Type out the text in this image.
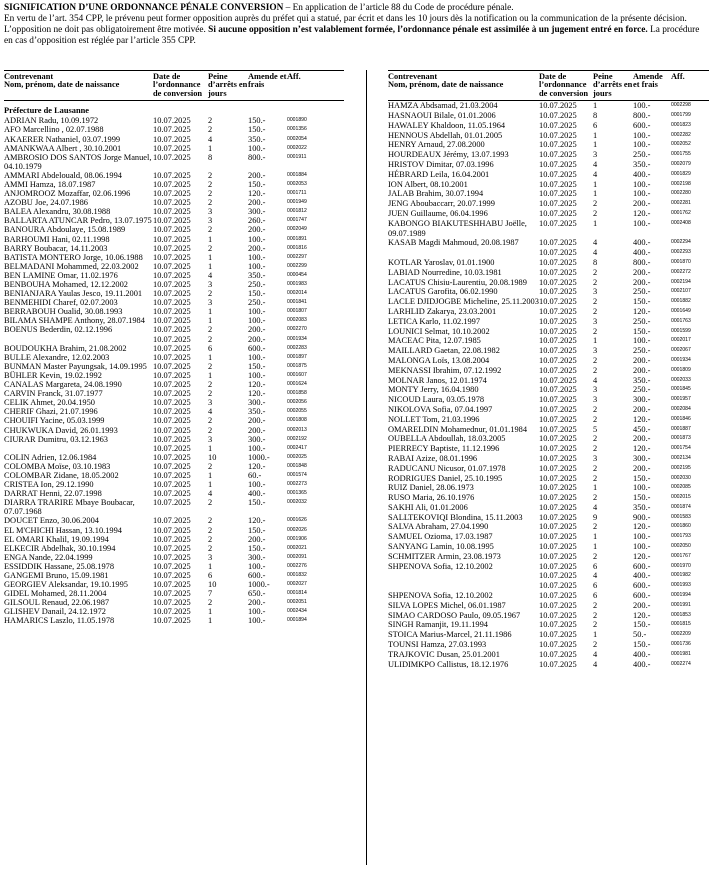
SIGNIFICATION D’UNE ORDONNANCE PÉNALE CONVERSION – En application de l’article 88 du Code de procédure pénale.
En vertu de l’art. 354 CPP, le prévenu peut former opposition auprès du préfet qui a statué, par écrit et dans les 10 jours dès la notification ou la communication de la présente décision. L’opposition ne doit pas obligatoirement être motivée. Si aucune opposition n’est valablement formée, l’ordonnance pénale est assimilée à un jugement entré en force. La procédure en cas d’opposition est réglée par l’article 355 CPP.
Contrevenant
Nom, prénom, date de naissance	Date de l’ordonnance de conversion	Peine d’arrêts en jours	Amende et frais	Aff.
Préfecture de Lausanne				
ADRIAN Radu, 10.09.1972	10.07.2025	2	150.-	0001890
AFO Marcellino , 02.07.1988	10.07.2025	2	150.-	0001356
AKAERER Nathaniel, 03.07.1999	10.07.2025	4	350.-	0002054
AMANKWAA Albert , 30.10.2001	10.07.2025	1	100.-	0002022
AMBROSIO DOS SANTOS Jorge Manuel, 04.10.1979	10.07.2025	8	800.-	0001911
AMMARI Abdelouald, 08.06.1994	10.07.2025	2	200.-	0001884
AMMI Hamza, 18.07.1987	10.07.2025	2	150.-	0002053
ANJOMROOZ Mozaffar, 02.06.1996	10.07.2025	2	120.-	0001711
AZOBU Joe, 24.07.1986	10.07.2025	2	200.-	0001949
BALEA Alexandru, 30.08.1988	10.07.2025	3	300.-	0001812
BALLARTA ATUNCAR Pedro, 13.07.1975	10.07.2025	3	260.-	0001747
BANOURA Abdoulaye, 15.08.1989	10.07.2025	2	200.-	0002049
BARHOUMI Hani, 02.11.1998	10.07.2025	1	100.-	0001891
BARRY Boubacar, 14.11.2003	10.07.2025	2	200.-	0001816
BATISTA MONTERO Jorge, 10.06.1988	10.07.2025	1	100.-	0002297
BELMADANI Mohammed, 22.03.2002	10.07.2025	1	100.-	0002299
BEN LAMINE Omar, 11.02.1976	10.07.2025	4	350.-	0000454
BENBOUHA Mohamed, 12.12.2002	10.07.2025	3	250.-	0001983
BENIANJARA Yaulas Jesco, 19.11.2001	10.07.2025	2	150.-	0002014
BENMEHIDI Charef, 02.07.2003	10.07.2025	3	250.-	0001841
BERRABOUH Oualid, 30.08.1993	10.07.2025	1	100.-	0001807
BILAMA SHAMPE Anthony, 28.07.1984	10.07.2025	1	100.-	0002083
BOENUS Bederdin, 02.12.1996	10.07.2025	2	200.-	0002270
	10.07.2025	2	200.-	0001934
BOUDOUKHA Brahim, 21.08.2002	10.07.2025	6	600.-	0002283
BULLE Alexandre, 12.02.2003	10.07.2025	1	100.-	0001897
BUNMAN Master Payungsak, 14.09.1995	10.07.2025	2	150.-	0001875
BÜHLER Kevin, 19.02.1992	10.07.2025	1	100.-	0001607
CANALAS Margareta, 24.08.1990	10.07.2025	2	120.-	0001624
CARVIN Franck, 31.07.1977	10.07.2025	2	120.-	0001858
CELIK Ahmet, 20.04.1950	10.07.2025	3	300.-	0002056
CHERIF Ghazi, 21.07.1996	10.07.2025	4	350.-	0002055
CHOUIFI Yacine, 05.03.1999	10.07.2025	2	200.-	0001808
CHUKWUKA David, 26.01.1993	10.07.2025	2	200.-	0002013
CIURAR Dumitru, 03.12.1963	10.07.2025	3	300.-	0002192
	10.07.2025	1	100.-	0002417
COLIN Adrien, 12.06.1984	10.07.2025	10	1000.-	0002025
COLOMBA Moïse, 03.10.1983	10.07.2025	2	120.-	0001848
COLOMBAR Zidane, 18.05.2002	10.07.2025	1	60.-	0001574
CRISTEA Ion, 29.12.1990	10.07.2025	1	100.-	0002273
DARRAT Henni, 22.07.1998	10.07.2025	4	400.-	0001365
DIARRA TRARIRE Mbaye Boubacar, 07.07.1968	10.07.2025	2	150.-	0002032
DOUCET Enzo, 30.06.2004	10.07.2025	2	120.-	0001626
EL M'CHICHI Hassan, 13.10.1994	10.07.2025	2	150.-	0002026
EL OMARI Khalil, 19.09.1994	10.07.2025	2	200.-	0001906
ELKECIR Abdelhak, 30.10.1994	10.07.2025	2	150.-	0002021
ENGA Nande, 22.04.1999	10.07.2025	3	300.-	0002091
ESSIDDIK Hassane, 25.08.1978	10.07.2025	1	100.-	0002276
GANGEMI Bruno, 15.09.1981	10.07.2025	6	600.-	0001832
GEORGIEV Aleksandar, 19.10.1995	10.07.2025	10	1000.-	0002027
GIDEL Mohamed, 28.11.2004	10.07.2025	7	650.-	0001814
GILSOUL Renaud, 22.06.1987	10.07.2025	2	200.-	0002051
GLISHEV Danail, 24.12.1972	10.07.2025	1	100.-	0002434
HAMARICS Laszlo, 11.05.1978	10.07.2025	1	100.-	0001894
Contrevenant
Nom, prénom, date de naissance	Date de l’ordonnance de conversion	Peine d’arrêts en jours	Amende et frais	Aff.
HAMZA Abdsamad, 21.03.2004	10.07.2025	1	100.-	0002298
HASNAOUI Bilale, 01.01.2006	10.07.2025	8	800.-	0001799
HAWALEY Khaldoon, 11.05.1964	10.07.2025	6	600.-	0001823
HENNOUS Abdellah, 01.01.2005	10.07.2025	1	100.-	0002282
HENRY Arnaud, 27.08.2000	10.07.2025	1	100.-	0002052
HOURDEAUX Jérémy, 13.07.1993	10.07.2025	3	250.-	0001755
HRISTOV Dimitar, 07.03.1996	10.07.2025	4	350.-	0002079
HÉBRARD Leila, 16.04.2001	10.07.2025	4	400.-	0001829
ION Albert, 08.10.2001	10.07.2025	1	100.-	0002198
JALAB Brahim, 30.07.1994	10.07.2025	1	100.-	0002280
JENG Aboubaccarr, 20.07.1999	10.07.2025	2	200.-	0002281
JUEN Guillaume, 06.04.1996	10.07.2025	2	120.-	0001762
KABONGO BIAKUTESHHABU Joëlle, 09.07.1989	10.07.2025	1	100.-	0002408
KASAB Magdi Mahmoud, 20.08.1987	10.07.2025	4	400.-	0002294
	10.07.2025	4	400.-	0002293
KOTLAR Yaroslav, 01.01.1900	10.07.2025	8	800.-	0001870
LABIAD Nourredine, 10.03.1981	10.07.2025	2	200.-	0002272
LACATUS Chisiu-Laurentiu, 20.08.1989	10.07.2025	2	200.-	0002194
LACATUS Garofita, 06.02.1990	10.07.2025	3	250.-	0002107
LACLE DJIDJOGBE Micheline, 25.11.2003	10.07.2025	2	150.-	0001882
LARHLID Zakarya, 23.03.2001	10.07.2025	2	120.-	0001649
LETICA Karlo, 11.02.1997	10.07.2025	3	250.-	0001763
LOUNICI Selmat, 10.10.2002	10.07.2025	2	150.-	0001599
MACEAC Pita, 12.07.1985	10.07.2025	1	100.-	0002017
MAILLARD Gaetan, 22.08.1982	10.07.2025	3	250.-	0002067
MALONGA Loïs, 13.08.2004	10.07.2025	2	200.-	0001934
MEKNASSI Ibrahim, 07.12.1992	10.07.2025	2	200.-	0001809
MOLNAR Janos, 12.01.1974	10.07.2025	4	350.-	0002033
MONTY Jerry, 16.04.1980	10.07.2025	3	250.-	0001845
NICOUD Laura, 03.05.1978	10.07.2025	3	300.-	0001957
NIKOLOVA Sofia, 07.04.1997	10.07.2025	2	200.-	0002084
NOLLET Tom, 21.03.1996	10.07.2025	2	120.-	0001846
OMARELDIN Mohamednur, 01.01.1984	10.07.2025	5	450.-	0001887
OUBELLA Abdoullah, 18.03.2005	10.07.2025	2	200.-	0001873
PIERRECY Baptiste, 11.12.1996	10.07.2025	2	120.-	0001754
RABAI Azize, 08.01.1996	10.07.2025	3	300.-	0002134
RADUCANU Nicusor, 01.07.1978	10.07.2025	2	200.-	0002195
RODRIGUES Daniel, 25.10.1995	10.07.2025	2	150.-	0002030
RUIZ Daniel, 28.06.1973	10.07.2025	1	100.-	0002085
RUSO Maria, 26.10.1976	10.07.2025	2	150.-	0002015
SAKHI Ali, 01.01.2006	10.07.2025	4	350.-	0001874
SALLTEKOVIQI Blondina, 15.11.2003	10.07.2025	9	900.-	0001583
SALVA Abraham, 27.04.1990	10.07.2025	2	120.-	0001860
SAMUEL Ozioma, 17.03.1987	10.07.2025	1	100.-	0001793
SANYANG Lamin, 10.08.1995	10.07.2025	1	100.-	0002050
SCHMITZER Armin, 23.08.1973	10.07.2025	2	120.-	0001767
SHPENOVA Sofia, 12.10.2002	10.07.2025	6	600.-	0001970
	10.07.2025	4	400.-	0001982
	10.07.2025	6	600.-	0001993
SHPENOVA Sofia, 12.10.2002	10.07.2025	6	600.-	0001994
SILVA LOPES Michel, 06.01.1987	10.07.2025	2	200.-	0001991
SIMAO CARDOSO Paulo, 09.05.1967	10.07.2025	2	120.-	0001853
SINGH Ramanjit, 19.11.1994	10.07.2025	2	150.-	0001815
STOICA Marius-Marcel, 21.11.1986	10.07.2025	1	50.-	0002209
TOUNSI Hamza, 27.03.1993	10.07.2025	2	150.-	0001736
TRAJKOVIC Dusan, 25.01.2001	10.07.2025	4	400.-	0001981
ULIDIMKPO Callistus, 18.12.1976	10.07.2025	4	400.-	0002274
